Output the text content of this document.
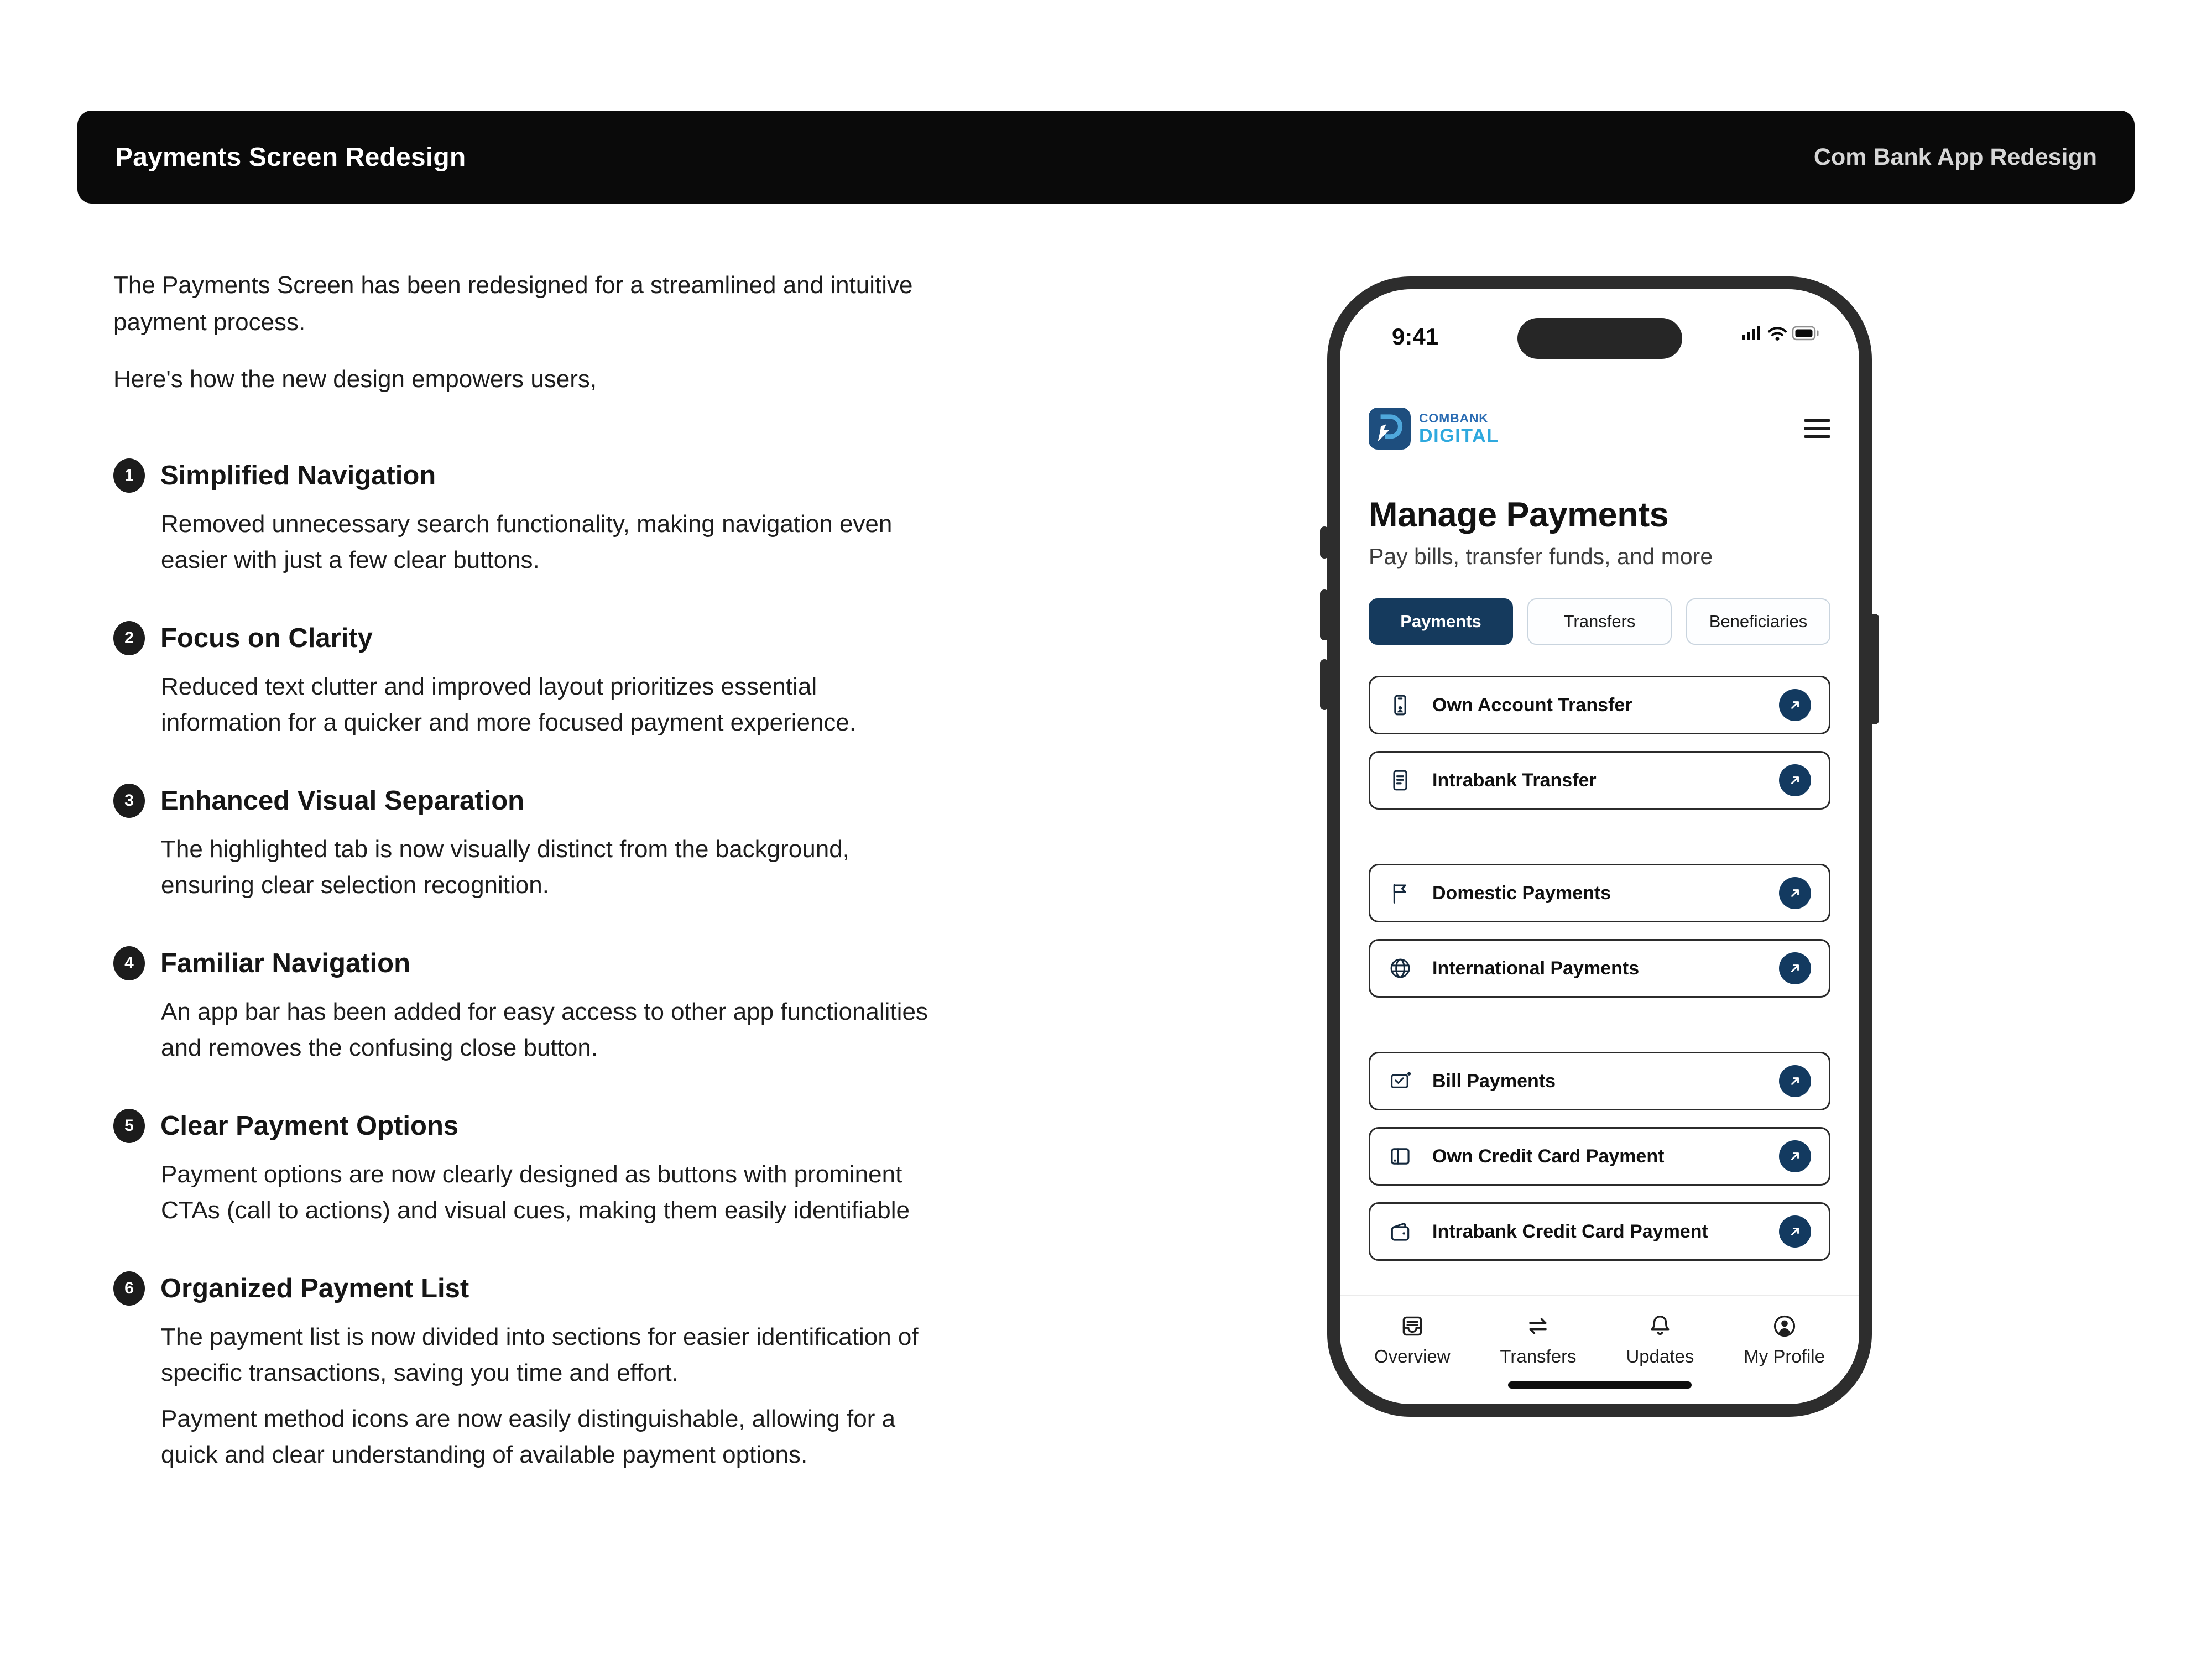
Payments Screen Redesign	Com Bank App Redesign

The Payments Screen has been redesigned for a streamlined and intuitive payment process.

Here's how the new design empowers users,

1 Simplified Navigation

Removed unnecessary search functionality, making navigation even easier with just a few clear buttons.

2 Focus on Clarity

Reduced text clutter and improved layout prioritizes essential information for a quicker and more focused payment experience.

3 Enhanced Visual Separation

The highlighted tab is now visually distinct from the background, ensuring clear selection recognition.

4 Familiar Navigation

An app bar has been added for easy access to other app functionalities and removes the confusing close button.

5 Clear Payment Options

Payment options are now clearly designed as buttons with prominent CTAs (call to actions) and visual cues, making them easily identifiable

6 Organized Payment List

The payment list is now divided into sections for easier identification of specific transactions, saving you time and effort.

Payment method icons are now easily distinguishable, allowing for a quick and clear understanding of available payment options.

9:41
COMBANK
DIGITAL
Manage Payments

Pay bills, transfer funds, and more

Payments	Transfers	Beneficiaries
Own Account Transfer
Intrabank Transfer
Domestic Payments
International Payments
Bill Payments
Own Credit Card Payment
Intrabank Credit Card Payment
Overview	Transfers	Updates	My Profile
